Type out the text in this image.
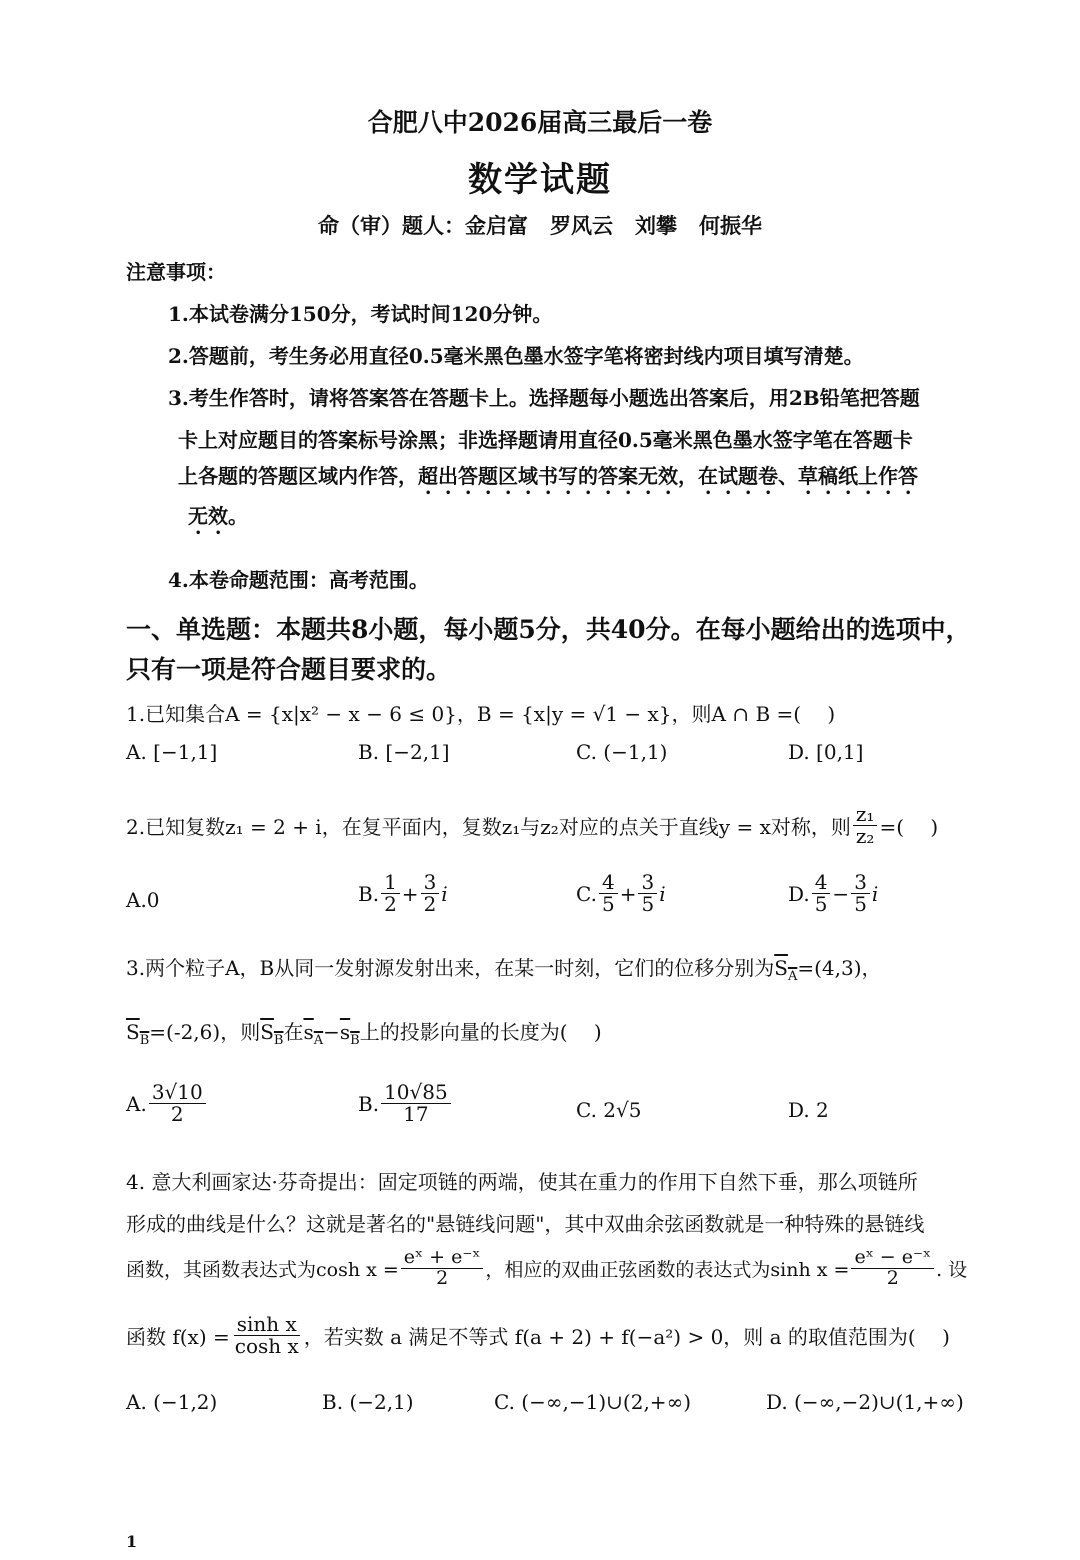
合肥八中2026届高三最后一卷
数学试题
命（审）题人：金启富 罗风云 刘攀 何振华
注意事项：
1.本试卷满分150分，考试时间120分钟。
2.答题前，考生务必用直径0.5毫米黑色墨水签字笔将密封线内项目填写清楚。
3.考生作答时，请将答案答在答题卡上。选择题每小题选出答案后，用2B铅笔把答题
卡上对应题目的答案标号涂黑；非选择题请用直径0.5毫米黑色墨水签字笔在答题卡
上各题的答题区域内作答，超出答题区域书写的答案无效，在试题卷、草稿纸上作答
无效。
4.本卷命题范围：高考范围。
一、单选题：本题共8小题，每小题5分，共40分。在每小题给出的选项中，
只有一项是符合题目要求的。
1.已知集合A = {x|x² − x − 6 ≤ 0}，B = {x|y = √1 − x}，则A ∩ B =(　 )
A. [−1,1]	B. [−2,1]	C. (−1,1)	D. [0,1]
2.已知复数z₁ = 2 + i，在复平面内，复数z₁与z₂对应的点关于直线y = x对称，则 $\frac{\text{z₁}}{\text{z₂}}$ =(　 )
A.0	B. $\frac{1}{2} + \frac{3}{2}$ i	C. $\frac{4}{5} + \frac{3}{5}$ i	D. $\frac{4}{5} - \frac{3}{5}$ i
3.两个粒子A，B从同一发射源发射出来，在某一时刻，它们的位移分别为$S_A=(4,3)$，
$S_B=(-2,6)$，则$S_B$在$s_A-s_B$上的投影向量的长度为(　 )
A. $\frac{3√10}{2}$	B. $\frac{10√85}{17}$	C. 2√5	D. 2
4. 意大利画家达·芬奇提出：固定项链的两端，使其在重力的作用下自然下垂，那么项链所
形成的曲线是什么？这就是著名的"悬链线问题"，其中双曲余弦函数就是一种特殊的悬链线
函数，其函数表达式为$\cosh x = \frac{\text{eˣ + e⁻ˣ}}{2}$ ，相应的双曲正弦函数的表达式为$\sinh x = \frac{\text{eˣ − e⁻ˣ}}{2}$ . 设
函数 $f(x) = \frac{\text{sinh x}}{\text{cosh x}}$ ，若实数 a 满足不等式 f(a + 2) + f(−a²) > 0，则 a 的取值范围为(　 )
A. (−1,2)	B. (−2,1)	C. (−∞,−1)∪(2,+∞)	D. (−∞,−2)∪(1,+∞)
1
